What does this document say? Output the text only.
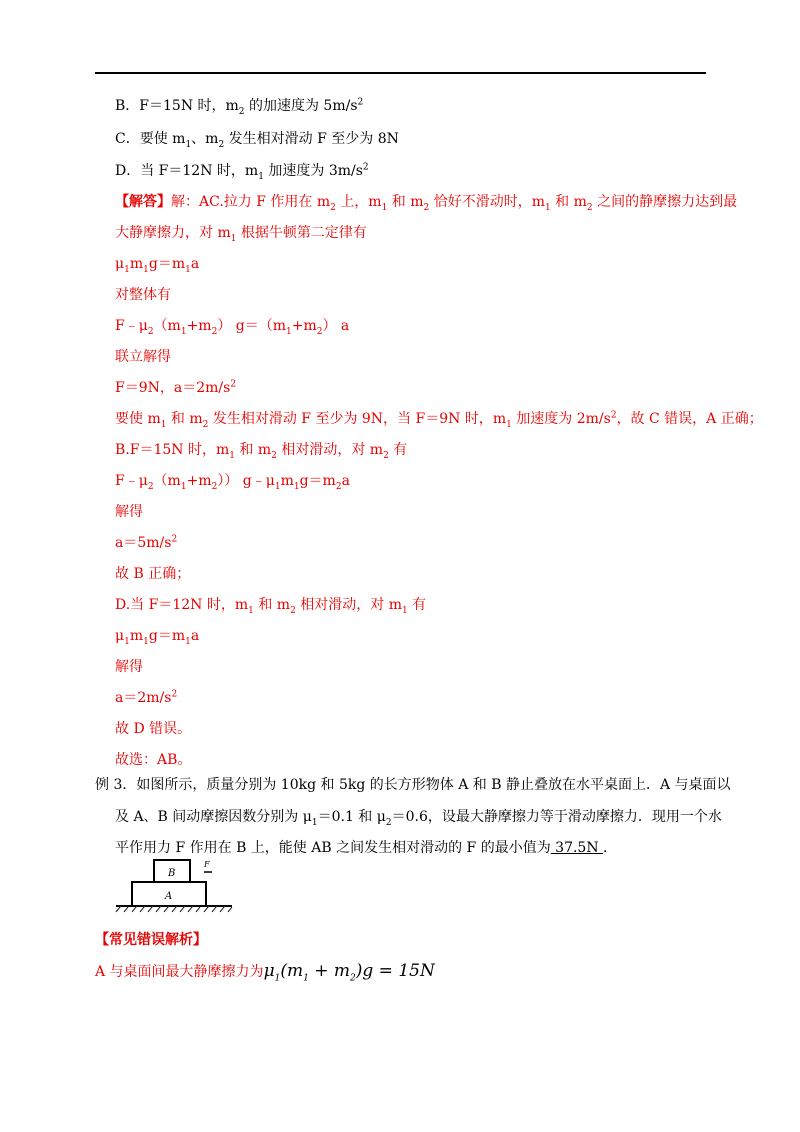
B．F＝15N 时，$m_2$ 的加速度为 $5m/s^2$
C．要使 $m_1$、$m_2$ 发生相对滑动 F 至少为 8N
D．当 F＝12N 时，$m_1$ 加速度为 $3m/s^2$
【解答】解：AC.拉力 F 作用在 $m_2$ 上，$m_1$ 和 $m_2$ 恰好不滑动时，$m_1$ 和 $m_2$ 之间的静摩擦力达到最
大静摩擦力，对 $m_1$ 根据牛顿第二定律有
$\mu_1m_1g=m_1a$
对整体有
$F﹣\mu_2(m_1+m_2)$ $g=(m_1+m_2)$ a
联立解得
F＝9N，$a=2m/s^2$
要使 $m_1$ 和 $m_2$ 发生相对滑动 F 至少为 9N，当 F＝9N 时，$m_1$ 加速度为 $2m/s^2$，故 C 错误，A 正确；
B.F＝15N 时，$m_1$ 和 $m_2$ 相对滑动，对 $m_2$ 有
$F﹣\mu_2(m_1+m_2)$） $g﹣\mu_1m_1g=m_2a$
解得
$a=5m/s^2$
故 B 正确；
D.当 F＝12N 时，$m_1$ 和 $m_2$ 相对滑动，对 $m_1$ 有
$\mu_1m_1g=m_1a$
解得
$a=2m/s^2$
故 D 错误。
故选：AB。
例 3．如图所示，质量分别为 10kg 和 5kg 的长方形物体 A 和 B 静止叠放在水平桌面上．A 与桌面以
及 A、B 间动摩擦因数分别为 $\mu_1=0.1$ 和 $\mu_2=0.6$，设最大静摩擦力等于滑动摩擦力．现用一个水
平作用力 F 作用在 B 上，能使 AB 之间发生相对滑动的 F 的最小值为 37.5N ．
B
A
F
【常见错误解析】
A 与桌面间最大静摩擦力为$\mu_1(m_1 + m_2)g = 15N$
